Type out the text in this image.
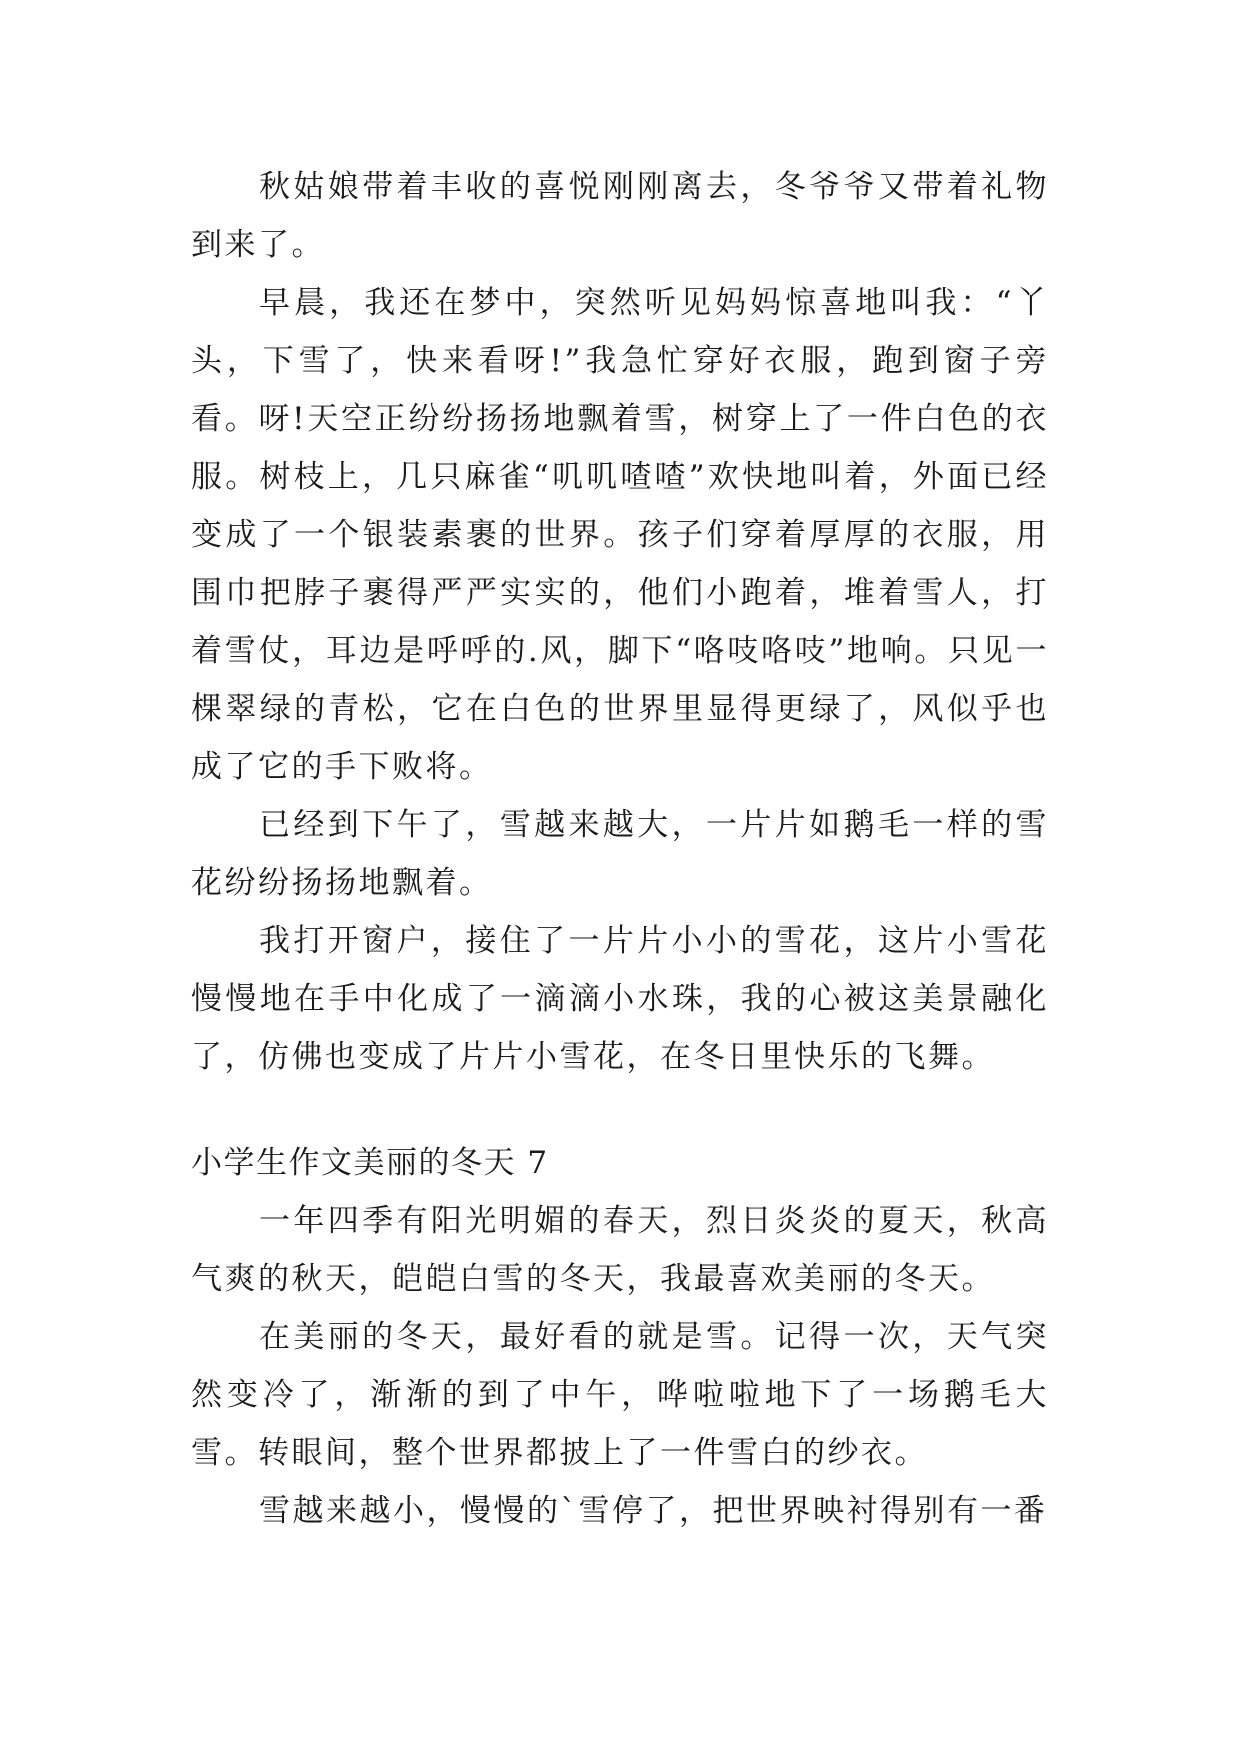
秋姑娘带着丰收的喜悦刚刚离去，冬爷爷又带着礼物到来了。

早晨，我还在梦中，突然听见妈妈惊喜地叫我：“丫头，下雪了，快来看呀!”我急忙穿好衣服，跑到窗子旁看。呀!天空正纷纷扬扬地飘着雪，树穿上了一件白色的衣服。树枝上，几只麻雀“叽叽喳喳”欢快地叫着，外面已经变成了一个银装素裹的世界。孩子们穿着厚厚的衣服，用围巾把脖子裹得严严实实的，他们小跑着，堆着雪人，打着雪仗，耳边是呼呼的.风，脚下“咯吱咯吱”地响。只见一棵翠绿的青松，它在白色的世界里显得更绿了，风似乎也成了它的手下败将。

已经到下午了，雪越来越大，一片片如鹅毛一样的雪花纷纷扬扬地飘着。

我打开窗户，接住了一片片小小的雪花，这片小雪花慢慢地在手中化成了一滴滴小水珠，我的心被这美景融化了，仿佛也变成了片片小雪花，在冬日里快乐的飞舞。

小学生作文美丽的冬天 7

一年四季有阳光明媚的春天，烈日炎炎的夏天，秋高气爽的秋天，皑皑白雪的冬天，我最喜欢美丽的冬天。

在美丽的冬天，最好看的就是雪。记得一次，天气突然变冷了，渐渐的到了中午，哗啦啦地下了一场鹅毛大雪。转眼间，整个世界都披上了一件雪白的纱衣。

雪越来越小，慢慢的`雪停了，把世界映衬得别有一番
